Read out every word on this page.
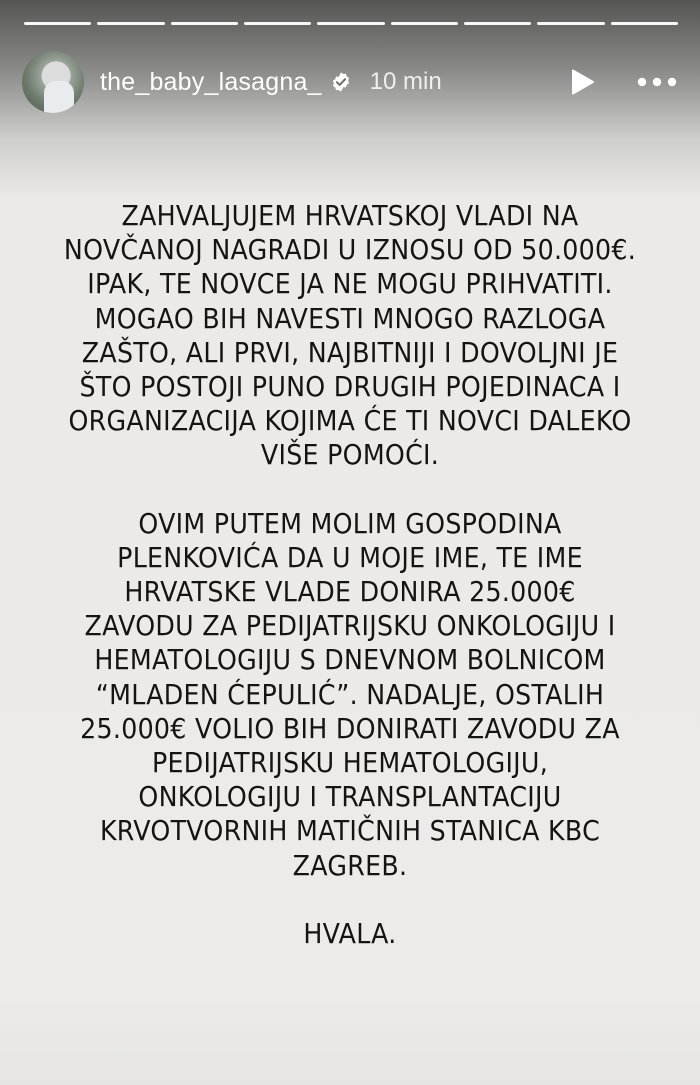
the_baby_lasagna_ 10 min

ZAHVALJUJEM HRVATSKOJ VLADI NA
NOVČANOJ NAGRADI U IZNOSU OD 50.000€.
IPAK, TE NOVCE JA NE MOGU PRIHVATITI.
MOGAO BIH NAVESTI MNOGO RAZLOGA
ZAŠTO, ALI PRVI, NAJBITNIJI I DOVOLJNI JE
ŠTO POSTOJI PUNO DRUGIH POJEDINACA I
ORGANIZACIJA KOJIMA ĆE TI NOVCI DALEKO
VIŠE POMOĆI.

OVIM PUTEM MOLIM GOSPODINA
PLENKOVIĆA DA U MOJE IME, TE IME
HRVATSKE VLADE DONIRA 25.000€
ZAVODU ZA PEDIJATRIJSKU ONKOLOGIJU I
HEMATOLOGIJU S DNEVNOM BOLNICOM
“MLADEN ĆEPULIĆ”. NADALJE, OSTALIH
25.000€ VOLIO BIH DONIRATI ZAVODU ZA
PEDIJATRIJSKU HEMATOLOGIJU,
ONKOLOGIJU I TRANSPLANTACIJU
KRVOTVORNIH MATIČNIH STANICA KBC
ZAGREB.

HVALA.
